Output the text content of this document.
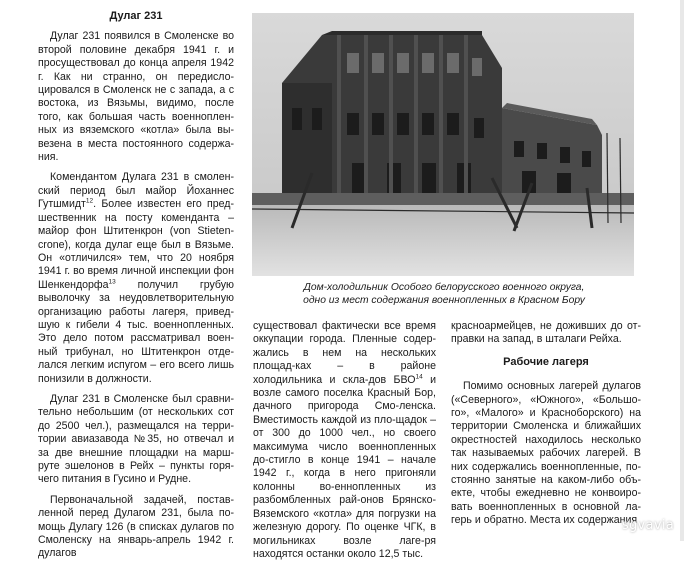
Дулаг 231

Дулаг 231 появился в Смоленске во второй половине декабря 1941 г. и просуществовал до конца апреля 1942 г. Как ни странно, он передисло-цировался в Смоленск не с запада, а с востока, из Вязьмы, видимо, после того, как большая часть военноплен-ных из вяземского «котла» была вы-везена в места постоянного содержа-ния.

Комендантом Дулага 231 в смолен-ский период был майор Йоханнес Гутшмидт$^{12}$. Более известен его пред-шественник на посту коменданта – майор фон Штитенкрон (von Stieten-crone), когда дулаг еще был в Вязьме. Он «отличился» тем, что 20 ноября 1941 г. во время личной инспекции фон Шенкендорфа$^{13}$ получил грубую выволочку за неудовлетворительную организацию работы лагеря, привед-шую к гибели 4 тыс. военнопленных. Это дело потом рассматривал воен-ный трибунал, но Штитенкрон отде-лался легким испугом – его всего лишь понизили в должности.

Дулаг 231 в Смоленске был сравни-тельно небольшим (от нескольких сот до 2500 чел.), размещался на терри-тории авиазавода №35, но отвечал и за две внешние площадки на марш-руте эшелонов в Рейх – пункты горя-чего питания в Гусино и Рудне.

Первоначальной задачей, постав-ленной перед Дулагом 231, была по-мощь Дулагу 126 (в списках дулагов по Смоленску на январь-апрель 1942 г. дулагов

Дом-холодильник Особого белорусского военного округа,
одно из мест содержания военнопленных в Красном Бору

существовал фактически все время оккупации города. Пленные содер-жались в нем на нескольких площад-ках – в районе холодильника и скла-дов БВО$^{14}$ и возле самого поселка Красный Бор, дачного пригорода Смо-ленска. Вместимость каждой из пло-щадок – от 300 до 1000 чел., но своего максимума число военнопленных до-стигло в конце 1941 – начале 1942 г., когда в него пригоняли колонны во-еннопленных из разбомбленных рай-онов Брянско-Вяземского «котла» для погрузки на железную дорогу. По оценке ЧГК, в могильниках возле лаге-ря находятся останки около 12,5 тыс.

красноармейцев, не доживших до от-правки на запад, в шталаги Рейха.

Рабочие лагеря

Помимо основных лагерей дулагов («Северного», «Южного», «Большо-го», «Малого» и Красноборского) на территории Смоленска и ближайших окрестностей находилось несколько так называемых рабочих лагерей. В них содержались военнопленные, по-стоянно занятые на каком-либо объ-екте, чтобы ежедневно не конвоиро-вать военнопленных в основной ла-герь и обратно. Места их содержания

sgvavia
